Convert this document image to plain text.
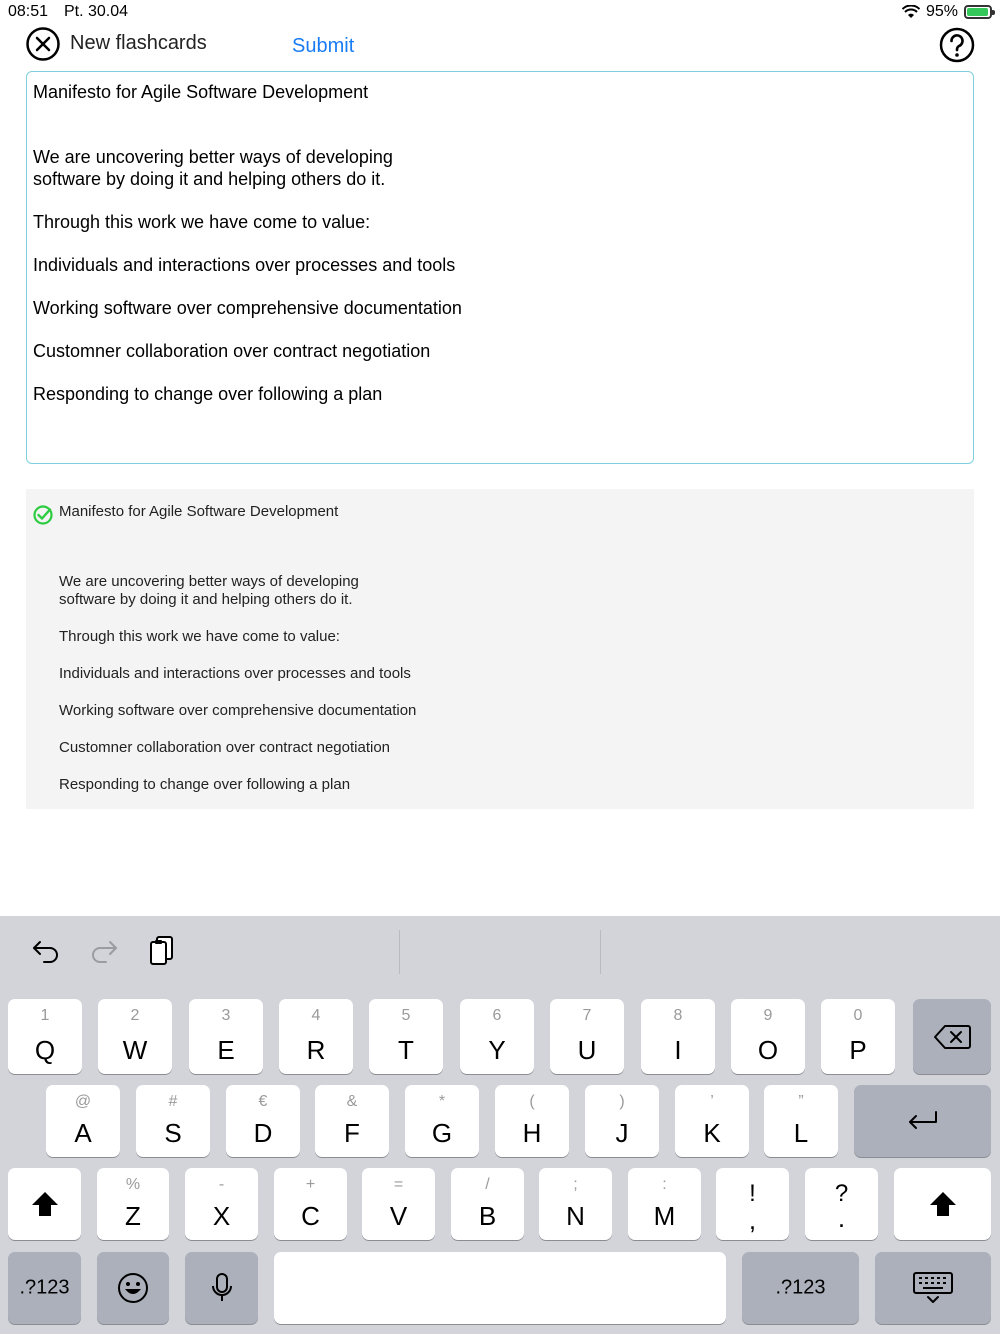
08:51 Pt. 30.04	95%
New flashcards	Submit

Manifesto for Agile Software Development

We are uncovering better ways of developing
software by doing it and helping others do it.

Through this work we have come to value:

Individuals and interactions over processes and tools

Working software over comprehensive documentation

Customner collaboration over contract negotiation

Responding to change over following a plan

Manifesto for Agile Software Development

We are uncovering better ways of developing
software by doing it and helping others do it.

Through this work we have come to value:

Individuals and interactions over processes and tools

Working software over comprehensive documentation

Customner collaboration over contract negotiation

Responding to change over following a plan

1
Q
2
W
3
E
4
R
5
T
6
Y
7
U
8
I
9
O
0
P
@
A
#
S
€
D
&
F
*
G
(
H
)
J
’
K
”
L
%
Z
-
X
+
C
=
V
/
B
;
N
:
M
!
,
?
.
.?123	.?123
